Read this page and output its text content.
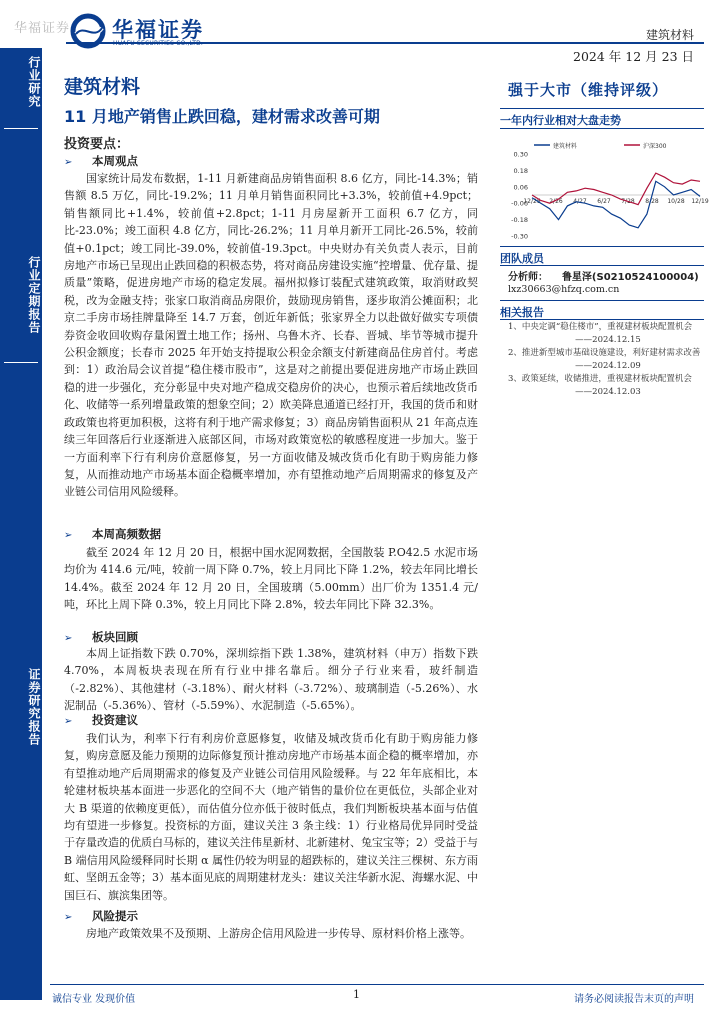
华福证券 华福证券	建筑材料
2024 年 12 月 23 日
行业研究
行业定期报告
证券研究报告
建筑材料
11 月地产销售止跌回稳，建材需求改善可期
投资要点：
➢ 本周观点
国家统计局发布数据，1-11 月新建商品房销售面积 8.6 亿方，同比-14.3%；销售额 8.5 万亿，同比-19.2%；11 月单月销售面积同比+3.3%，较前值+4.9pct；销售额同比+1.4%，较前值+2.8pct；1-11 月房屋新开工面积 6.7 亿方，同比-23.0%；竣工面积 4.8 亿方，同比-26.2%；11 月单月新开工同比-26.5%，较前值+0.1pct；竣工同比-39.0%，较前值-19.3pct。中央财办有关负责人表示，目前房地产市场已呈现出止跌回稳的积极态势，将对商品房建设实施“控增量、优存量、提质量”策略，促进房地产市场的稳定发展。福州拟修订装配式建筑政策，取消财政契税，改为金融支持；张家口取消商品房限价，鼓励现房销售，逐步取消公摊面积；北京二手房市场挂牌量降至 14.7 万套，创近年新低；张家界全力以赴做好做实专项债券资金收回收购存量闲置土地工作；扬州、乌鲁木齐、长春、晋城、毕节等城市提升公积金额度；长春市 2025 年开始支持提取公积金余额支付新建商品住房首付。考虑到：1）政治局会议首提“稳住楼市股市”，这是对之前提出要促进房地产市场止跌回稳的进一步强化，充分彰显中央对地产稳成交稳房价的决心，也预示着后续地改货币化、收储等一系列增量政策的想象空间；2）欧美降息通道已经打开，我国的货币和财政政策也将更加积极，这将有利于地产需求修复；3）商品房销售面积从 21 年高点连续三年回落后行业逐渐进入底部区间，市场对政策宽松的敏感程度进一步加大。鉴于一方面利率下行有利房价意愿修复，另一方面收储及城改货币化有助于购房能力修复，从而推动地产市场基本面企稳概率增加，亦有望推动地产后周期需求的修复及产业链公司信用风险缓释。
➢ 本周高频数据
截至 2024 年 12 月 20 日，根据中国水泥网数据，全国散装 P.O42.5 水泥市场均价为 414.6 元/吨，较前一周下降 0.7%，较上月同比下降 1.2%，较去年同比增长 14.4%。截至 2024 年 12 月 20 日，全国玻璃（5.00mm）出厂价为 1351.4 元/吨，环比上周下降 0.3%，较上月同比下降 2.8%，较去年同比下降 32.3%。
➢ 板块回顾
本周上证指数下跌 0.70%，深圳综指下跌 1.38%，建筑材料（申万）指数下跌 4.70%，本周板块表现在所有行业中排名靠后。细分子行业来看，玻纤制造（-2.82%）、其他建材（-3.18%）、耐火材料（-3.72%）、玻璃制造（-5.26%）、水泥制品（-5.36%）、管材（-5.59%）、水泥制造（-5.65%）。
➢ 投资建议
我们认为，利率下行有利房价意愿修复，收储及城改货币化有助于购房能力修复，购房意愿及能力预期的边际修复预计推动房地产市场基本面企稳的概率增加，亦有望推动地产后周期需求的修复及产业链公司信用风险缓释。与 22 年年底相比，本轮建材板块基本面进一步恶化的空间不大（地产销售的量价位在更低位，头部企业对大 B 渠道的依赖度更低），而估值分位亦低于彼时低点，我们判断板块基本面与估值均有望进一步修复。投资标的方面，建议关注 3 条主线：1）行业格局优异同时受益于存量改造的优质白马标的，建议关注伟星新材、北新建材、兔宝宝等；2）受益于与 B 端信用风险缓释同时长期 α 属性仍较为明显的超跌标的，建议关注三棵树、东方雨虹、坚朗五金等；3）基本面见底的周期建材龙头：建议关注华新水泥、海螺水泥、中国巨石、旗滨集团等。
➢ 风险提示
房地产政策效果不及预期、上游房企信用风险进一步传导、原材料价格上涨等。
强于大市（维持评级）
一年内行业相对大盘走势
建筑材料	沪深300
0.30
0.18
0.06
-0.06
-0.18
-0.30
12/25 2/26 4/27 6/27 7/28 8/28 10/28 12/19
团队成员
分析师： 鲁星泽(S0210524100004)
lxz30663@hfzq.com.cn
相关报告
1、中央定调“稳住楼市”，重视建材板块配置机会
——2024.12.15
2、推进新型城市基础设施建设，利好建材需求改善
——2024.12.09
3、政策延续，收储推进，重视建材板块配置机会
——2024.12.03
诚信专业 发现价值	1	请务必阅读报告末页的声明
